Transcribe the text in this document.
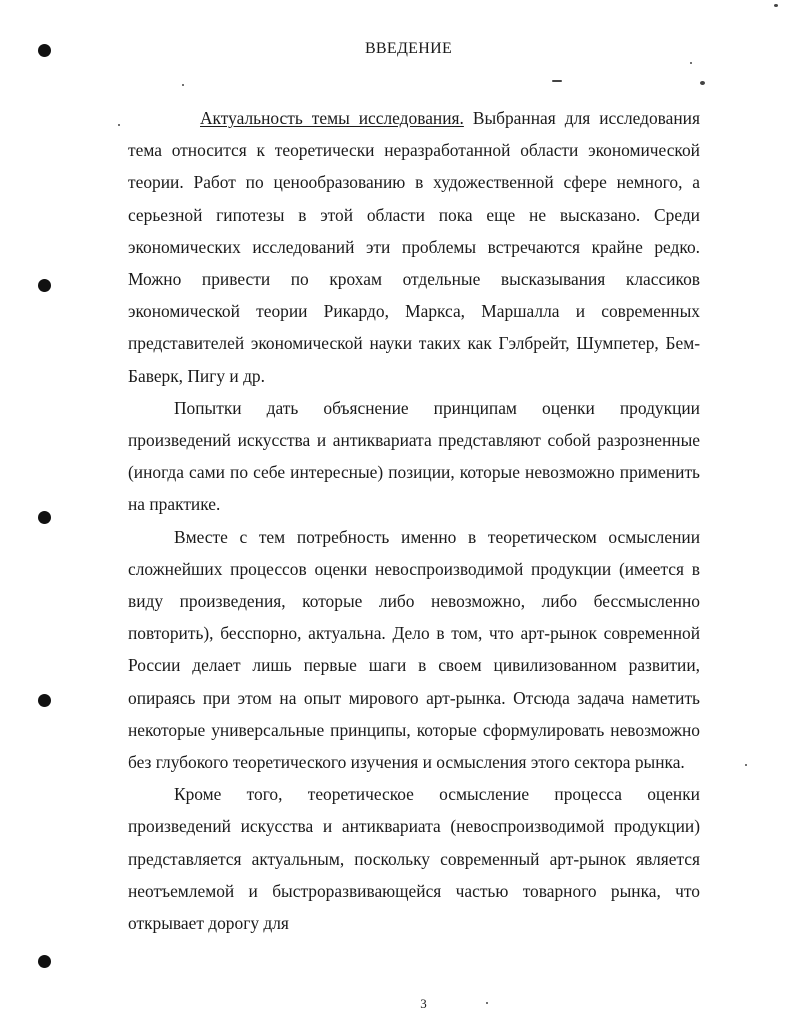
ВВЕДЕНИЕ

Актуальность темы исследования. Выбранная для исследования тема относится к теоретически неразработанной области экономической теории. Работ по ценообразованию в художественной сфере немного, а серьезной гипотезы в этой области пока еще не высказано. Среди экономических исследований эти проблемы встречаются крайне редко. Можно привести по крохам отдельные высказывания классиков экономической теории Рикардо, Маркса, Маршалла и современных представителей экономической науки таких как Гэлбрейт, Шумпетер, Бем-Баверк, Пигу и др.

Попытки дать объяснение принципам оценки продукции произведений искусства и антиквариата представляют собой разрозненные (иногда сами по себе интересные) позиции, которые невозможно применить на практике.

Вместе с тем потребность именно в теоретическом осмыслении сложнейших процессов оценки невоспроизводимой продукции (имеется в виду произведения, которые либо невозможно, либо бессмысленно повторить), бесспорно, актуальна. Дело в том, что арт-рынок современной России делает лишь первые шаги в своем цивилизованном развитии, опираясь при этом на опыт мирового арт-рынка. Отсюда задача наметить некоторые универсальные принципы, которые сформулировать невозможно без глубокого теоретического изучения и осмысления этого сектора рынка.

Кроме того, теоретическое осмысление процесса оценки произведений искусства и антиквариата (невоспроизводимой продукции) представляется актуальным, поскольку современный арт-рынок является неотъемлемой и быстроразвивающейся частью товарного рынка, что открывает дорогу для

3
